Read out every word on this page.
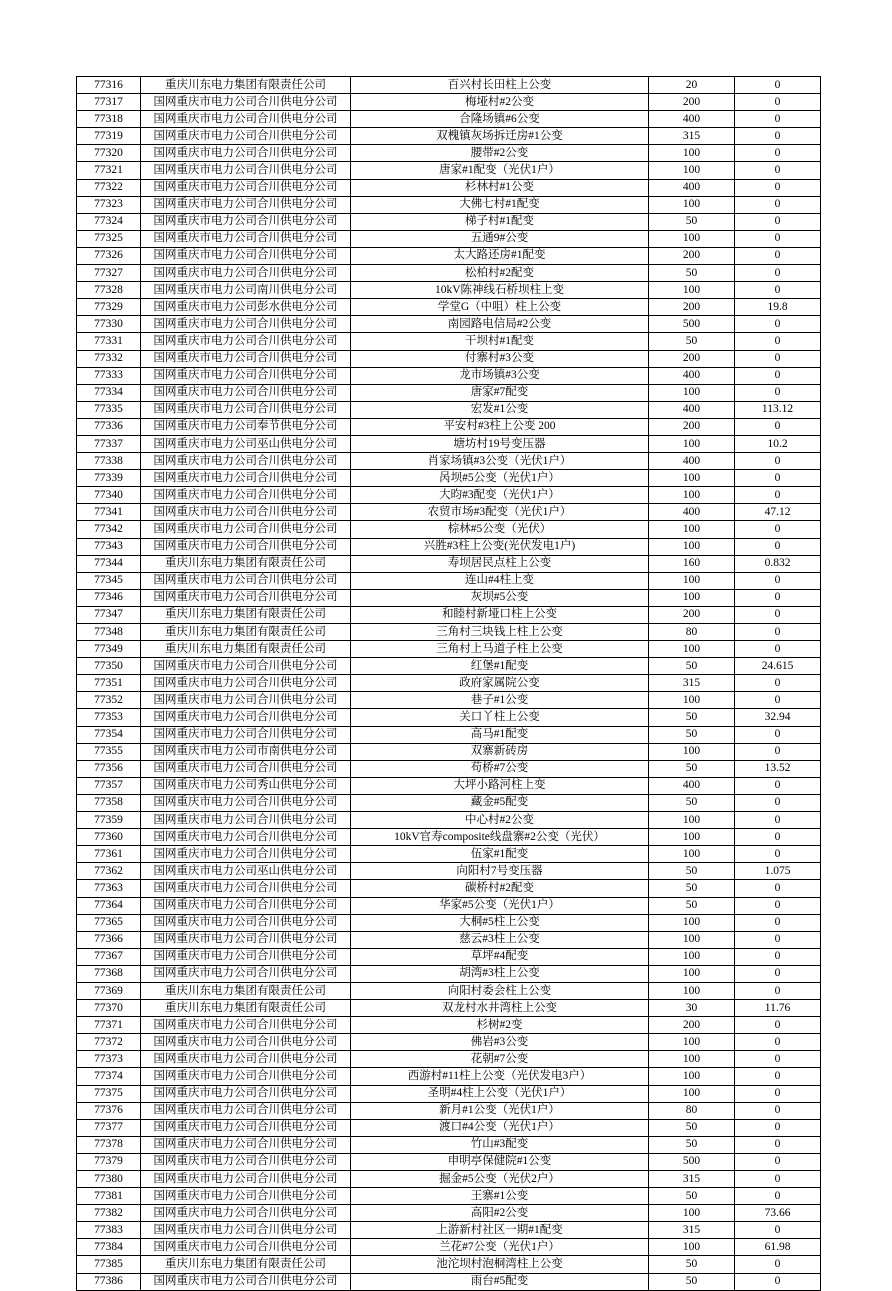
77316	重庆川东电力集团有限责任公司	百兴村长田柱上公变	20	0
77317	国网重庆市电力公司合川供电分公司	梅垭村#2公变	200	0
77318	国网重庆市电力公司合川供电分公司	合隆场镇#6公变	400	0
77319	国网重庆市电力公司合川供电分公司	双槐镇灰场拆迁房#1公变	315	0
77320	国网重庆市电力公司合川供电分公司	腰带#2公变	100	0
77321	国网重庆市电力公司合川供电分公司	唐家#1配变（光伏1户）	100	0
77322	国网重庆市电力公司合川供电分公司	杉林村#1公变	400	0
77323	国网重庆市电力公司合川供电分公司	大佛七村#1配变	100	0
77324	国网重庆市电力公司合川供电分公司	梯子村#1配变	50	0
77325	国网重庆市电力公司合川供电分公司	五通9#公变	100	0
77326	国网重庆市电力公司合川供电分公司	太大路还房#1配变	200	0
77327	国网重庆市电力公司合川供电分公司	松柏村#2配变	50	0
77328	国网重庆市电力公司南川供电分公司	10kV陈神线石桥坝柱上变	100	0
77329	国网重庆市电力公司彭水供电分公司	学堂G（中咀）柱上公变	200	19.8
77330	国网重庆市电力公司合川供电分公司	南园路电信局#2公变	500	0
77331	国网重庆市电力公司合川供电分公司	干坝村#1配变	50	0
77332	国网重庆市电力公司合川供电分公司	付寨村#3公变	200	0
77333	国网重庆市电力公司合川供电分公司	龙市场镇#3公变	400	0
77334	国网重庆市电力公司合川供电分公司	唐家#7配变	100	0
77335	国网重庆市电力公司合川供电分公司	宏发#1公变	400	113.12
77336	国网重庆市电力公司奉节供电分公司	平安村#3柱上公变 200	200	0
77337	国网重庆市电力公司巫山供电分公司	塘坊村19号变压器	100	10.2
77338	国网重庆市电力公司合川供电分公司	肖家场镇#3公变（光伏1户）	400	0
77339	国网重庆市电力公司合川供电分公司	呙坝#5公变（光伏1户）	100	0
77340	国网重庆市电力公司合川供电分公司	大昀#3配变（光伏1户）	100	0
77341	国网重庆市电力公司合川供电分公司	农贸市场#3配变（光伏1户）	400	47.12
77342	国网重庆市电力公司合川供电分公司	棕林#5公变（光伏）	100	0
77343	国网重庆市电力公司合川供电分公司	兴胜#3柱上公变(光伏发电1户)	100	0
77344	重庆川东电力集团有限责任公司	寿坝居民点柱上公变	160	0.832
77345	国网重庆市电力公司合川供电分公司	连山#4柱上变	100	0
77346	国网重庆市电力公司合川供电分公司	灰坝#5公变	100	0
77347	重庆川东电力集团有限责任公司	和睦村新垭口柱上公变	200	0
77348	重庆川东电力集团有限责任公司	三角村三块钱上柱上公变	80	0
77349	重庆川东电力集团有限责任公司	三角村上马道子柱上公变	100	0
77350	国网重庆市电力公司合川供电分公司	红堡#1配变	50	24.615
77351	国网重庆市电力公司合川供电分公司	政府家属院公变	315	0
77352	国网重庆市电力公司合川供电分公司	巷子#1公变	100	0
77353	国网重庆市电力公司合川供电分公司	关口丫柱上公变	50	32.94
77354	国网重庆市电力公司合川供电分公司	高马#1配变	50	0
77355	国网重庆市电力公司市南供电分公司	双寨新砖房	100	0
77356	国网重庆市电力公司合川供电分公司	苟桥#7公变	50	13.52
77357	国网重庆市电力公司秀山供电分公司	大坪小路河柱上变	400	0
77358	国网重庆市电力公司合川供电分公司	藏金#5配变	50	0
77359	国网重庆市电力公司合川供电分公司	中心村#2公变	100	0
77360	国网重庆市电力公司合川供电分公司	10kV官寿composite线盘寨#2公变（光伏）	100	0
77361	国网重庆市电力公司合川供电分公司	伍家#1配变	100	0
77362	国网重庆市电力公司巫山供电分公司	向阳村7号变压器	50	1.075
77363	国网重庆市电力公司合川供电分公司	碳桥村#2配变	50	0
77364	国网重庆市电力公司合川供电分公司	华家#5公变（光伏1户）	50	0
77365	国网重庆市电力公司合川供电分公司	大桐#5柱上公变	100	0
77366	国网重庆市电力公司合川供电分公司	慈云#3柱上公变	100	0
77367	国网重庆市电力公司合川供电分公司	草坪#4配变	100	0
77368	国网重庆市电力公司合川供电分公司	胡湾#3柱上公变	100	0
77369	重庆川东电力集团有限责任公司	向阳村委会柱上公变	100	0
77370	重庆川东电力集团有限责任公司	双龙村水井湾柱上公变	30	11.76
77371	国网重庆市电力公司合川供电分公司	杉树#2变	200	0
77372	国网重庆市电力公司合川供电分公司	佛岩#3公变	100	0
77373	国网重庆市电力公司合川供电分公司	花朝#7公变	100	0
77374	国网重庆市电力公司合川供电分公司	西游村#11柱上公变（光伏发电3户）	100	0
77375	国网重庆市电力公司合川供电分公司	圣明#4柱上公变（光伏1户）	100	0
77376	国网重庆市电力公司合川供电分公司	新月#1公变（光伏1户）	80	0
77377	国网重庆市电力公司合川供电分公司	渡口#4公变（光伏1户）	50	0
77378	国网重庆市电力公司合川供电分公司	竹山#3配变	50	0
77379	国网重庆市电力公司合川供电分公司	申明亭保健院#1公变	500	0
77380	国网重庆市电力公司合川供电分公司	掘金#5公变（光伏2户）	315	0
77381	国网重庆市电力公司合川供电分公司	王寨#1公变	50	0
77382	国网重庆市电力公司合川供电分公司	高阳#2公变	100	73.66
77383	国网重庆市电力公司合川供电分公司	上游新村社区一期#1配变	315	0
77384	国网重庆市电力公司合川供电分公司	兰花#7公变（光伏1户）	100	61.98
77385	重庆川东电力集团有限责任公司	池沱坝村泡桐湾柱上公变	50	0
77386	国网重庆市电力公司合川供电分公司	雨台#5配变	50	0
